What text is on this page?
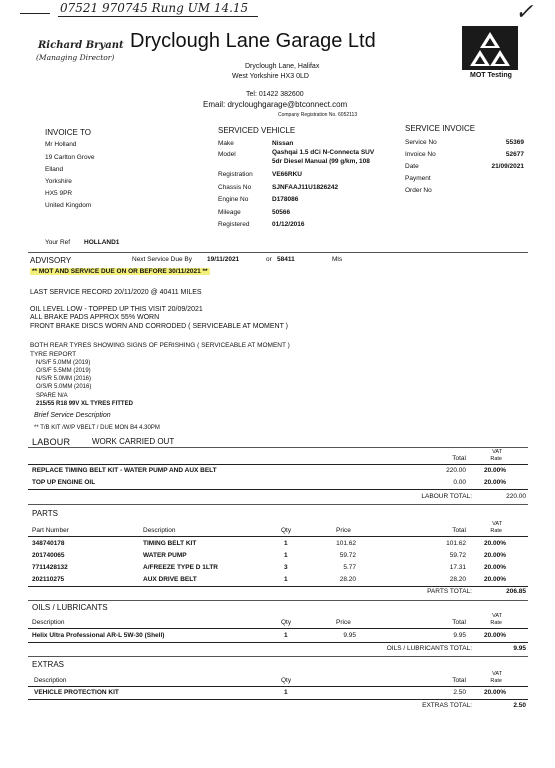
07521 970745 Rung UM 14.15	✓
Richard Bryant
(Managing Director)
Dryclough Lane Garage Ltd
Dryclough Lane, Halifax
West Yorkshire HX3 0LD
Tel: 01422 382600
Email: drycloughgarage@btconnect.com
Company Registration No. 6052113
MOT Testing
INVOICE TO
Mr Holland
19 Carlton Grove
Elland
Yorkshire
HX5 9PR
United Kingdom
SERVICED VEHICLE
Make	Nissan
Model	Qashqai 1.5 dCi N-Connecta SUV
5dr Diesel Manual (99 g/km, 108
Registration	VE66RKU
Chassis No	SJNFAAJ11U1826242
Engine No	D178086
Mileage	50566
Registered	01/12/2016
SERVICE INVOICE
Service No	55369
Invoice No	52677
Date	21/09/2021
Payment
Order No
Your Ref HOLLAND1
ADVISORY	Next Service Due By 19/11/2021	or 58411	Mls
** MOT AND SERVICE DUE ON OR BEFORE 30/11/2021 **
LAST SERVICE RECORD 20/11/2020 @ 40411 MILES
OIL LEVEL LOW - TOPPED UP THIS VISIT 20/09/2021
ALL BRAKE PADS APPROX 55% WORN
FRONT BRAKE DISCS WORN AND CORRODED ( SERVICEABLE AT MOMENT )
BOTH REAR TYRES SHOWING SIGNS OF PERISHING ( SERVICEABLE AT MOMENT )
TYRE REPORT
N/S/F 5.0MM (2019)
O/S/F 5.5MM (2019)
N/S/R 5.0MM (2016)
O/S/R 5.0MM (2016)
SPARE N/A
215/55 R18 99V XL TYRES FITTED
Brief Service Description
** T/B KIT /W/P VBELT / DUE MON B4 4.30PM
LABOUR	WORK CARRIED OUT
Total
VAT
Rate
REPLACE TIMING BELT KIT - WATER PUMP AND AUX BELT	220.00	20.00%
TOP UP ENGINE OIL	0.00	20.00%
LABOUR TOTAL:	220.00
PARTS
Part Number	Description	Qty	Price	Total
VAT
Rate
348740178	TIMING BELT KIT	1	101.62	101.62	20.00%
201740065	WATER PUMP	1	59.72	59.72	20.00%
7711428132	A/FREEZE TYPE D 1LTR	3	5.77	17.31	20.00%
202110275	AUX DRIVE BELT	1	28.20	28.20	20.00%
PARTS TOTAL:	206.85
OILS / LUBRICANTS
Description	Qty	Price	Total
VAT
Rate
Helix Ultra Professional AR-L 5W-30 (Shell)	1	9.95	9.95	20.00%
OILS / LUBRICANTS TOTAL:	9.95
EXTRAS
Description	Qty	Total
VAT
Rate
VEHICLE PROTECTION KIT	1	2.50	20.00%
EXTRAS TOTAL:	2.50
